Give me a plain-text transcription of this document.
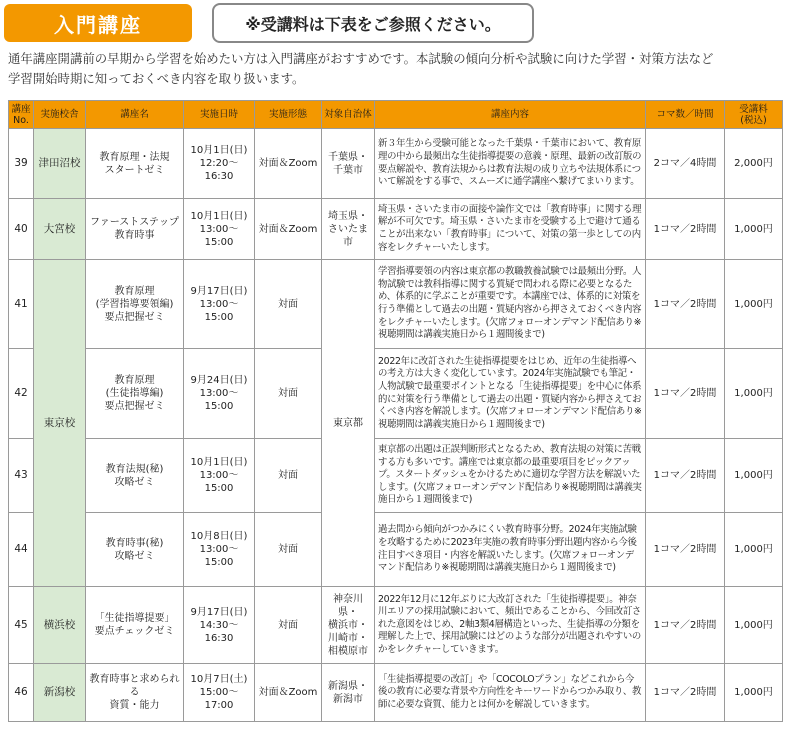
入門講座	※受講料は下表をご参照ください。
通年講座開講前の早期から学習を始めたい方は入門講座がおすすめです。本試験の傾向分析や試験に向けた学習・対策方法など
学習開始時期に知っておくべき内容を取り扱います。
講座
No.	実施校舎	講座名	実施日時	実施形態	対象自治体	講座内容	コマ数／時間	受講料
(税込)
39	津田沼校	教育原理・法規
スタートゼミ	10月1日(日)
12:20～16:30	対面＆Zoom	千葉県・
千葉市	新３年生から受験可能となった千葉県・千葉市において、教育原理の中から最頻出な生徒指導提要の意義・原理、最新の改訂版の要点解説や、教育法規からは教育法規の成り立ちや法規体系について解説をする事で、スムーズに通学講座へ繋げてまいります。	2コマ／4時間	2,000円
40	大宮校	ファーストステップ
教育時事	10月1日(日)
13:00～15:00	対面＆Zoom	埼玉県・
さいたま市	埼玉県・さいたま市の面接や論作文では「教育時事」に関する理解が不可欠です。埼玉県・さいたま市を受験する上で避けて通ることが出来ない「教育時事」について、対策の第一歩としての内容をレクチャーいたします。	1コマ／2時間	1,000円
41	東京校	教育原理
(学習指導要領編)
要点把握ゼミ	9月17日(日)
13:00～15:00	対面	東京都	学習指導要領の内容は東京都の教職教養試験では最頻出分野。人物試験では教科指導に関する質疑で問われる際に必要となるため、体系的に学ぶことが重要です。本講座では、体系的に対策を行う準備として過去の出題・質疑内容から押さえておくべき内容をレクチャーいたします。(欠席フォローオンデマンド配信あり※視聴期間は講義実施日から１週間後まで)	1コマ／2時間	1,000円
42		教育原理
(生徒指導編)
要点把握ゼミ	9月24日(日)
13:00～15:00	対面		2022年に改訂された生徒指導提要をはじめ、近年の生徒指導への考え方は大きく変化しています。2024年実施試験でも筆記・人物試験で最重要ポイントとなる「生徒指導提要」を中心に体系的に対策を行う準備として過去の出題・質疑内容から押さえておくべき内容を解説します。(欠席フォローオンデマンド配信あり※視聴期間は講義実施日から１週間後まで)	1コマ／2時間	1,000円
43		教育法規(秘)
攻略ゼミ	10月1日(日)
13:00～15:00	対面		東京都の出題は正誤判断形式となるため、教育法規の対策に苦戦する方も多いです。講座では東京都の最重要項目をピックアップ。スタートダッシュをかけるために適切な学習方法を解説いたします。(欠席フォローオンデマンド配信あり※視聴期間は講義実施日から１週間後まで)	1コマ／2時間	1,000円
44		教育時事(秘)
攻略ゼミ	10月8日(日)
13:00～15:00	対面		過去問から傾向がつかみにくい教育時事分野。2024年実施試験を攻略するために2023年実施の教育時事分野出題内容から今後注目すべき項目・内容を解説いたします。(欠席フォローオンデマンド配信あり※視聴期間は講義実施日から１週間後まで)	1コマ／2時間	1,000円
45	横浜校	「生徒指導提要」
要点チェックゼミ	9月17日(日)
14:30～16:30	対面	神奈川県・
横浜市・
川崎市・
相模原市	2022年12月に12年ぶりに大改訂された「生徒指導提要」。神奈川エリアの採用試験において、頻出であることから、今回改訂された意図をはじめ、2軸3類4層構造といった、生徒指導の分類を理解した上で、採用試験にはどのような部分が出題されやすいのかをレクチャーしていきます。	1コマ／2時間	1,000円
46	新潟校	教育時事と求められる
資質・能力	10月7日(土)
15:00～17:00	対面＆Zoom	新潟県・
新潟市	「生徒指導提要の改訂」や「COCOLOプラン」などこれから今後の教育に必要な背景や方向性をキーワードからつかみ取り、教師に必要な資質、能力とは何かを解説していきます。	1コマ／2時間	1,000円
